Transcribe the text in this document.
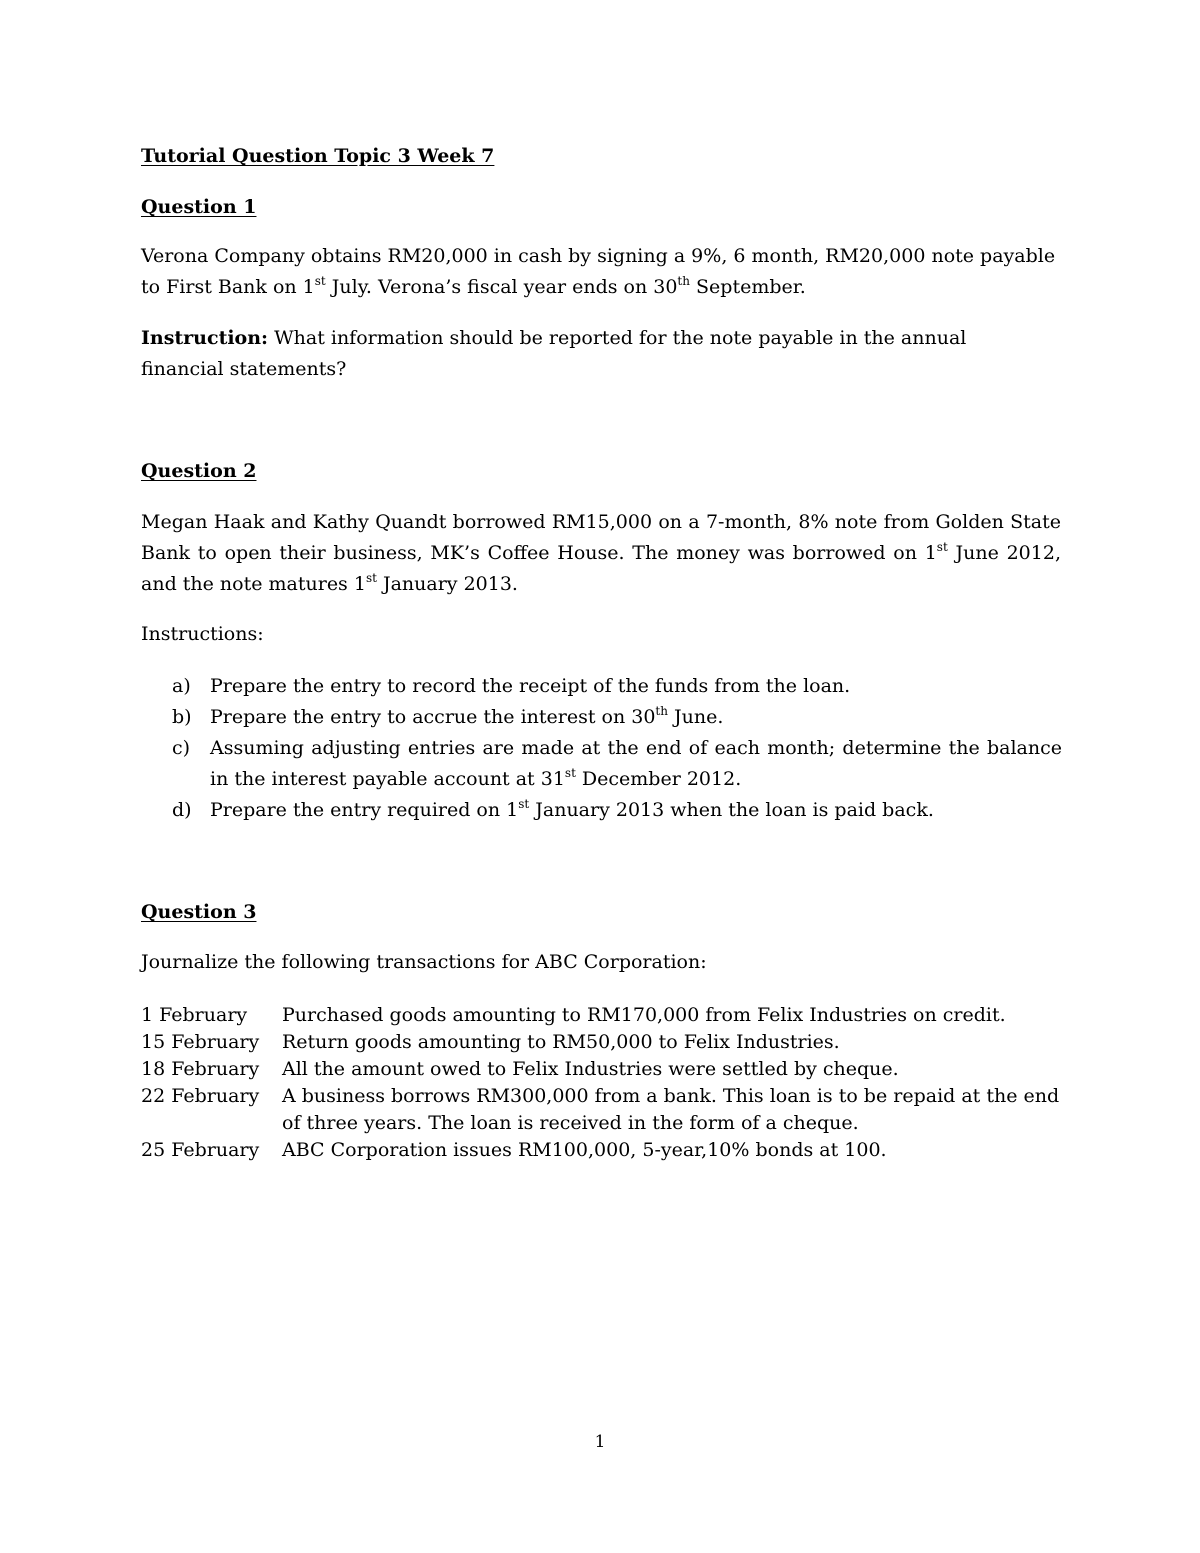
Tutorial Question Topic 3 Week 7
Question 1
Verona Company obtains RM20,000 in cash by signing a 9%, 6 month, RM20,000 note payable
to First Bank on 1st July. Verona’s fiscal year ends on 30th September.
Instruction: What information should be reported for the note payable in the annual financial statements?
Question 2
Megan Haak and Kathy Quandt borrowed RM15,000 on a 7-month, 8% note from Golden State Bank to open their business, MK’s Coffee House. The money was borrowed on 1st June 2012, and the note matures 1st January 2013.
Instructions:
a)	Prepare the entry to record the receipt of the funds from the loan.
b) Prepare the entry to accrue the interest on 30th June.
c)	Assuming adjusting entries are made at the end of each month; determine the balance in the interest payable account at 31st December 2012.
d) Prepare the entry required on 1st January 2013 when the loan is paid back.
Question 3
Journalize the following transactions for ABC Corporation:
1 February	Purchased goods amounting to RM170,000 from Felix Industries on credit.
15 February	Return goods amounting to RM50,000 to Felix Industries.
18 February	All the amount owed to Felix Industries were settled by cheque.
22 February	A business borrows RM300,000 from a bank. This loan is to be repaid at the end of three years. The loan is received in the form of a cheque.
25 February	ABC Corporation issues RM100,000, 5-year,10% bonds at 100.
1
